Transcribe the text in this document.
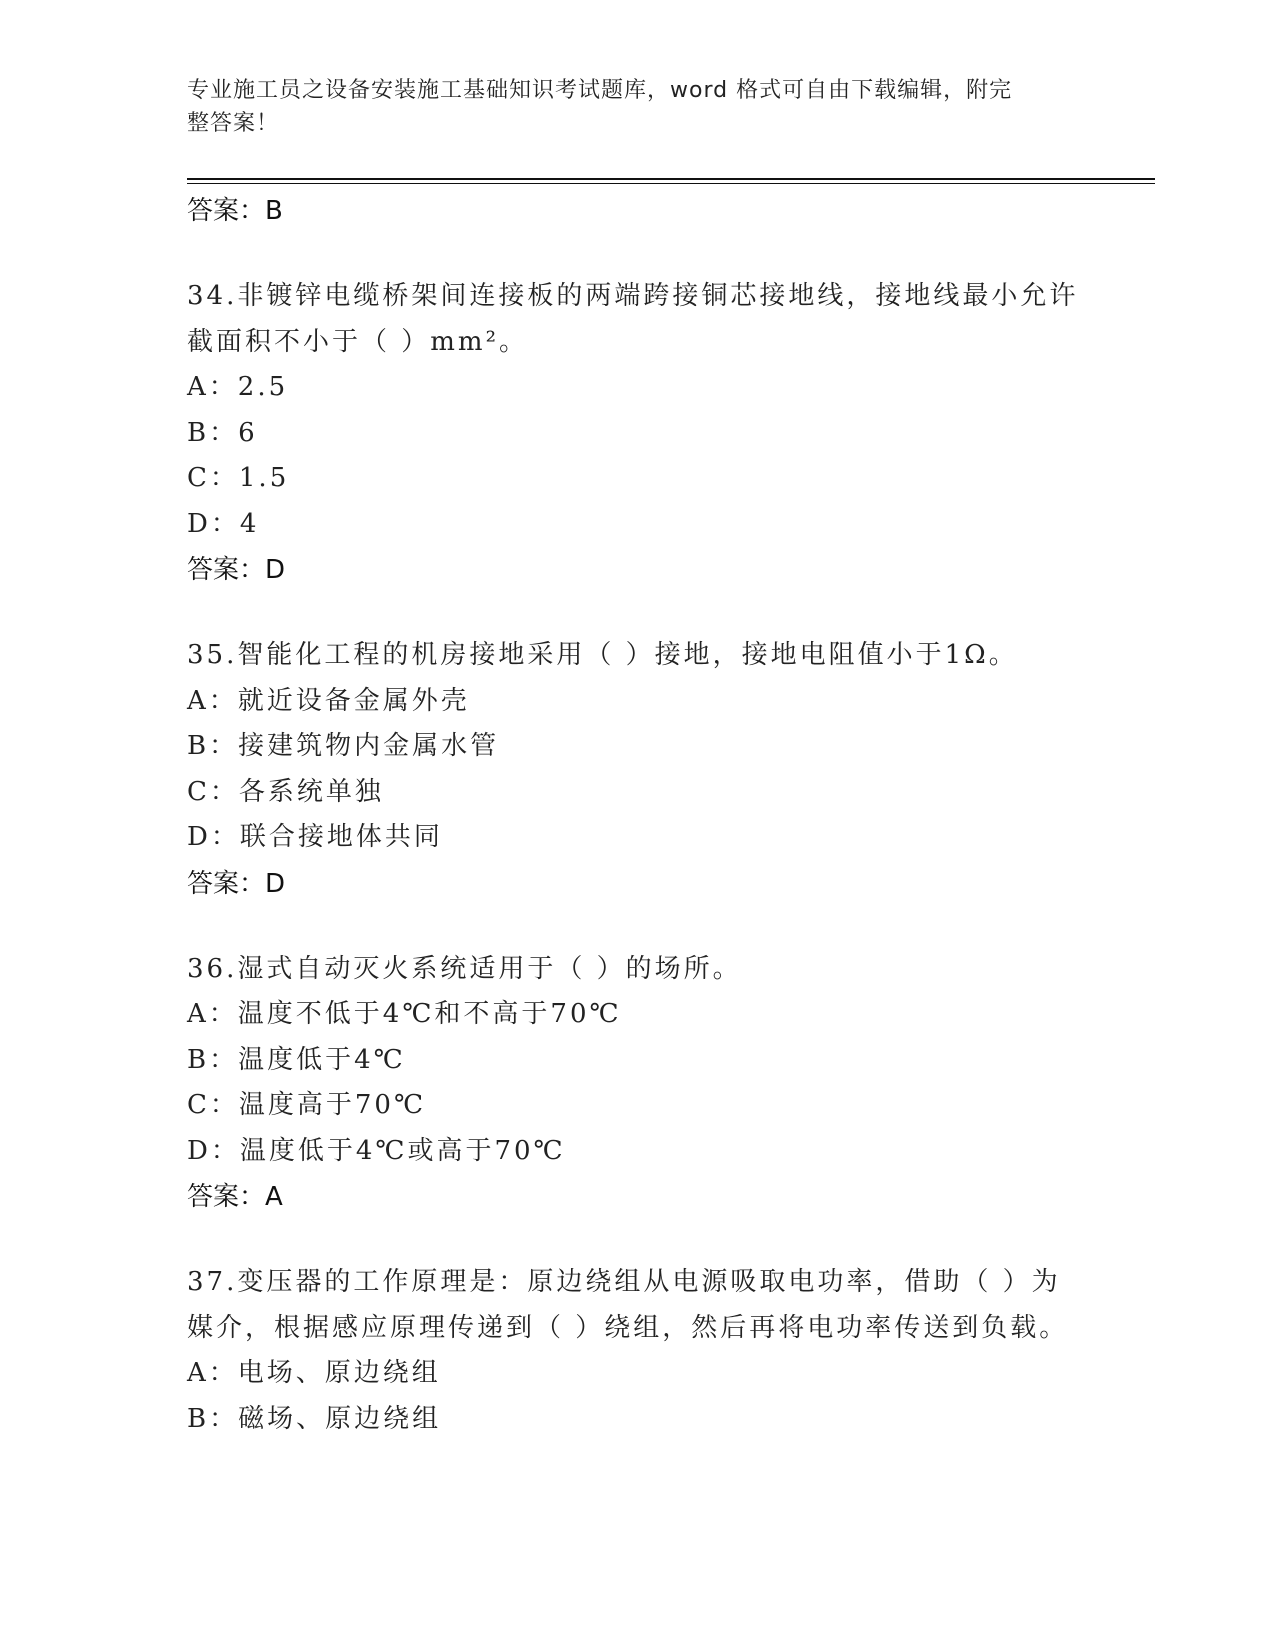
专业施工员之设备安装施工基础知识考试题库，word 格式可自由下载编辑，附完
整答案！
答案：B
34.非镀锌电缆桥架间连接板的两端跨接铜芯接地线，接地线最小允许
截面积不小于（ ）mm²。
A：2.5
B：6
C：1.5
D：4
答案：D
35.智能化工程的机房接地采用（ ）接地，接地电阻值小于1Ω。
A：就近设备金属外壳
B：接建筑物内金属水管
C：各系统单独
D：联合接地体共同
答案：D
36.湿式自动灭火系统适用于（ ）的场所。
A：温度不低于4℃和不高于70℃
B：温度低于4℃
C：温度高于70℃
D：温度低于4℃或高于70℃
答案：A
37.变压器的工作原理是：原边绕组从电源吸取电功率，借助（ ）为
媒介，根据感应原理传递到（ ）绕组，然后再将电功率传送到负载。
A：电场、原边绕组
B：磁场、原边绕组
